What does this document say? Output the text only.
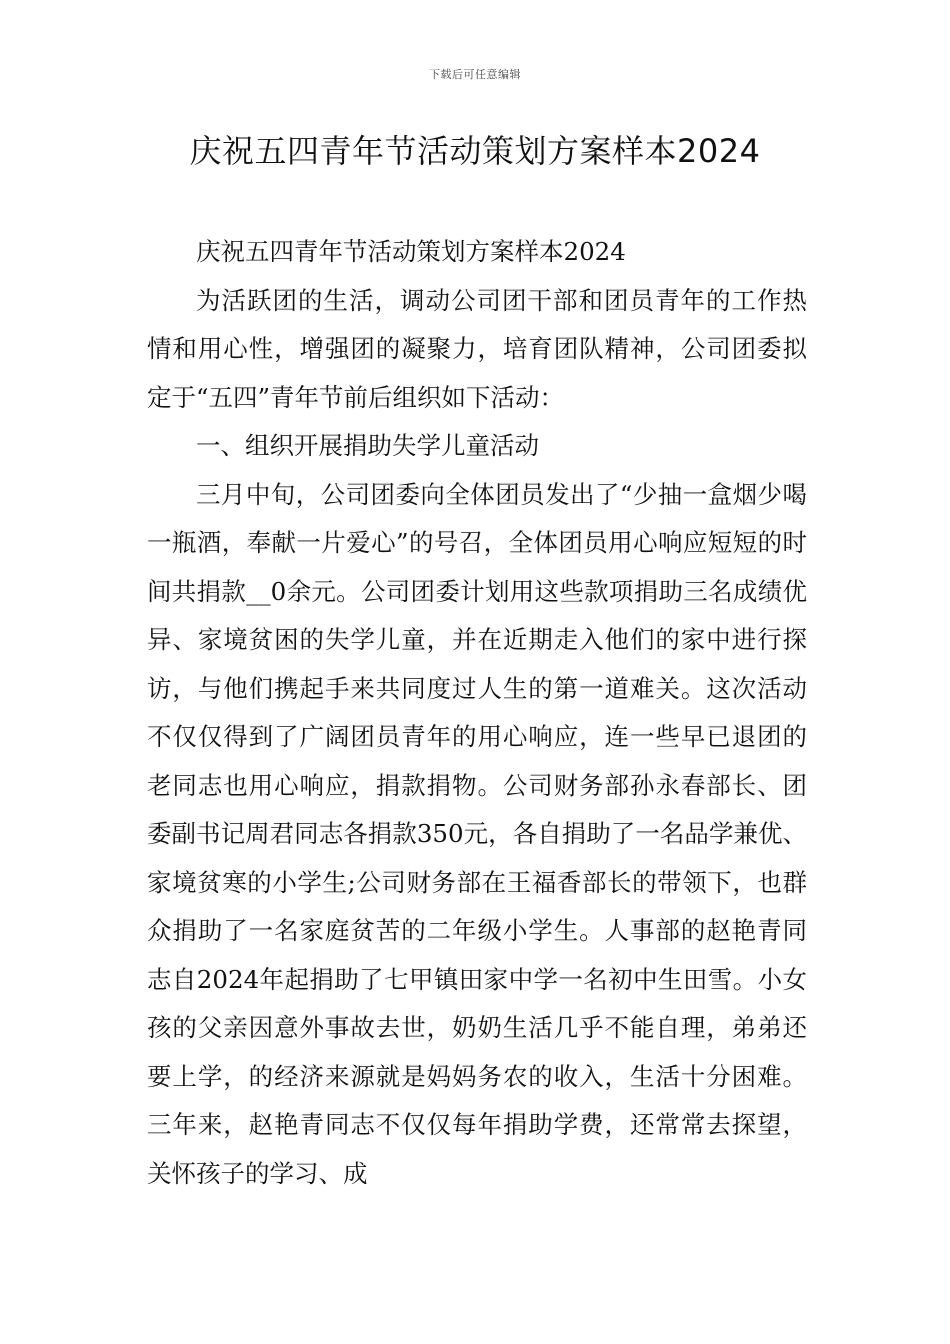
下载后可任意编辑
庆祝五四青年节活动策划方案样本2024

庆祝五四青年节活动策划方案样本2024

为活跃团的生活，调动公司团干部和团员青年的工作热情和用心性，增强团的凝聚力，培育团队精神，公司团委拟定于“五四”青年节前后组织如下活动：

一、组织开展捐助失学儿童活动

三月中旬，公司团委向全体团员发出了“少抽一盒烟少喝一瓶酒，奉献一片爱心”的号召，全体团员用心响应短短的时间共捐款__0余元。公司团委计划用这些款项捐助三名成绩优异、家境贫困的失学儿童，并在近期走入他们的家中进行探访，与他们携起手来共同度过人生的第一道难关。这次活动不仅仅得到了广阔团员青年的用心响应，连一些早已退团的老同志也用心响应，捐款捐物。公司财务部孙永春部长、团委副书记周君同志各捐款350元，各自捐助了一名品学兼优、家境贫寒的小学生;公司财务部在王福香部长的带领下，也群众捐助了一名家庭贫苦的二年级小学生。人事部的赵艳青同志自2024年起捐助了七甲镇田家中学一名初中生田雪。小女孩的父亲因意外事故去世，奶奶生活几乎不能自理，弟弟还要上学，的经济来源就是妈妈务农的收入，生活十分困难。三年来，赵艳青同志不仅仅每年捐助学费，还常常去探望，关怀孩子的学习、成
